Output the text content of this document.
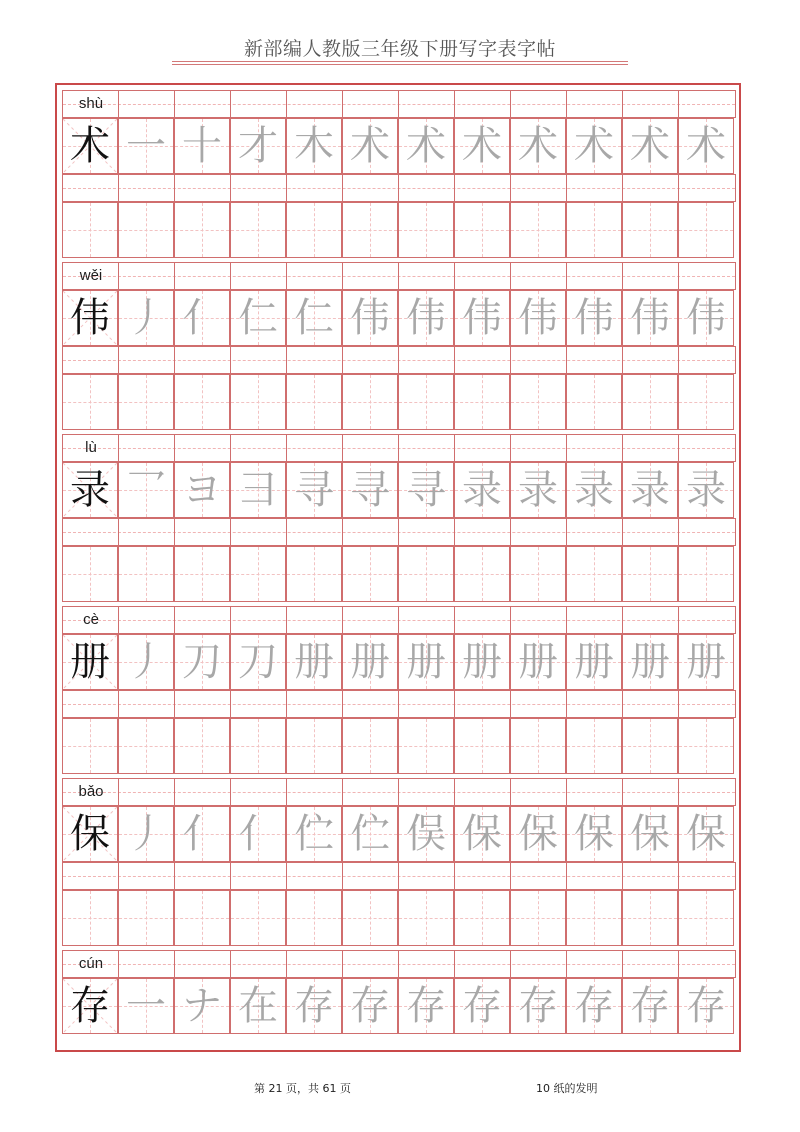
新部编人教版三年级下册写字表字帖
shù
术 一 十 才 木 术 术 术 术 术 术 术
wěi
伟 丿 亻 仁 仁 伟 伟 伟 伟 伟 伟 伟
lù
录 乛 ヨ 彐 寻 寻 寻 录 录 录 录 录
cè
册 丿 刀 刀 册 册 册 册 册 册 册 册
bǎo
保 丿 亻 亻 伫 伫 俣 保 保 保 保 保
cún
存 一 ナ 在 存 存 存 存 存 存 存 存
第 21 页，共 61 页	10 纸的发明
